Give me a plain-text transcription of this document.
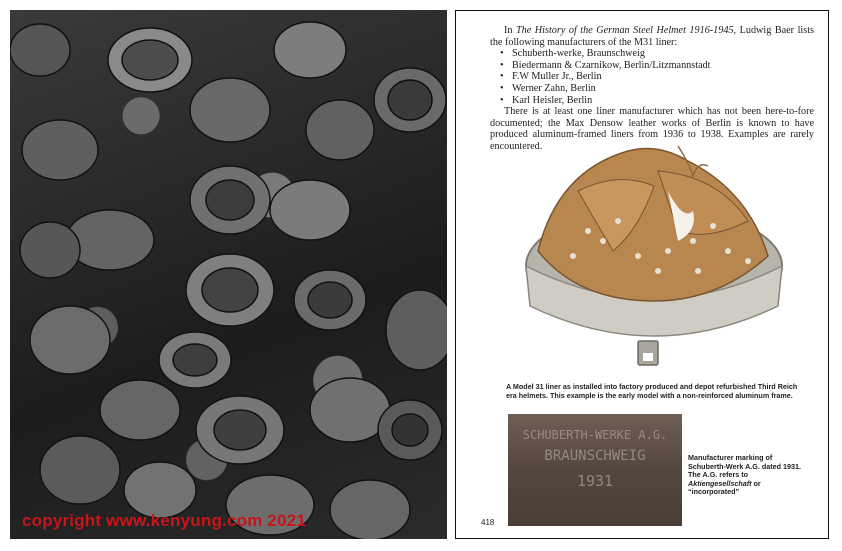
copyright www.kenyung.com 2021

In The History of the German Steel Helmet 1916-1945, Ludwig Baer lists the following manufacturers of the M31 liner:

• Schuberth-werke, Braunschweig
• Biedermann & Czarnikow, Berlin/Litzmannstadt
• F.W Muller Jr., Berlin
• Werner Zahn, Berlin
• Karl Heisler, Berlin

There is at least one liner manufacturer which has not been here-to-fore documented; the Max Densow leather works of Berlin is known to have produced aluminum-framed liners from 1936 to 1938. Examples are rarely encountered.

A Model 31 liner as installed into factory produced and depot refurbished Third Reich era helmets. This example is the early model with a non-reinforced aluminum frame.
SCHUBERTH-WERKE A.G.
BRAUNSCHWEIG
1931
Manufacturer marking of Schuberth-Werk A.G. dated 1931. The A.G. refers to Aktiengesellschaft or “incorporated”
418
